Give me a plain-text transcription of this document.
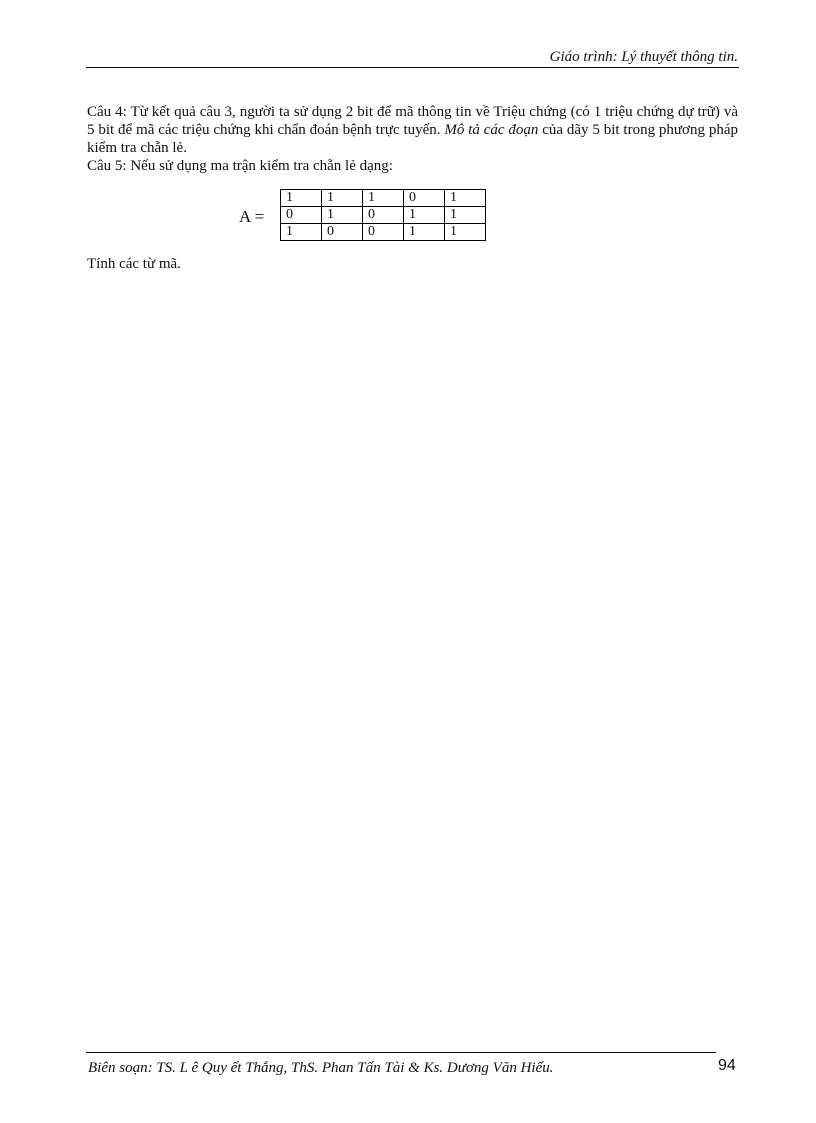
Giáo trình: Lý thuyết thông tin.

Câu 4: Từ kết quả câu 3, người ta sử dụng 2 bit để mã thông tin về Triệu chứng (có 1 triệu chứng dự trữ) và 5 bit để mã các triệu chứng khi chẩn đoán bệnh trực tuyến. Mô tả các đoạn của dãy 5 bit trong phương pháp kiểm tra chẵn lẻ.

Câu 5: Nếu sử dụng ma trận kiểm tra chẵn lẻ dạng:

A =
1	1	1	0	1
0	1	0	1	1
1	0	0	1	1

Tính các từ mã.

Biên soạn: TS. L ê Quy ết Thắng, ThS. Phan Tấn Tài & Ks. Dương Văn Hiếu.	94
